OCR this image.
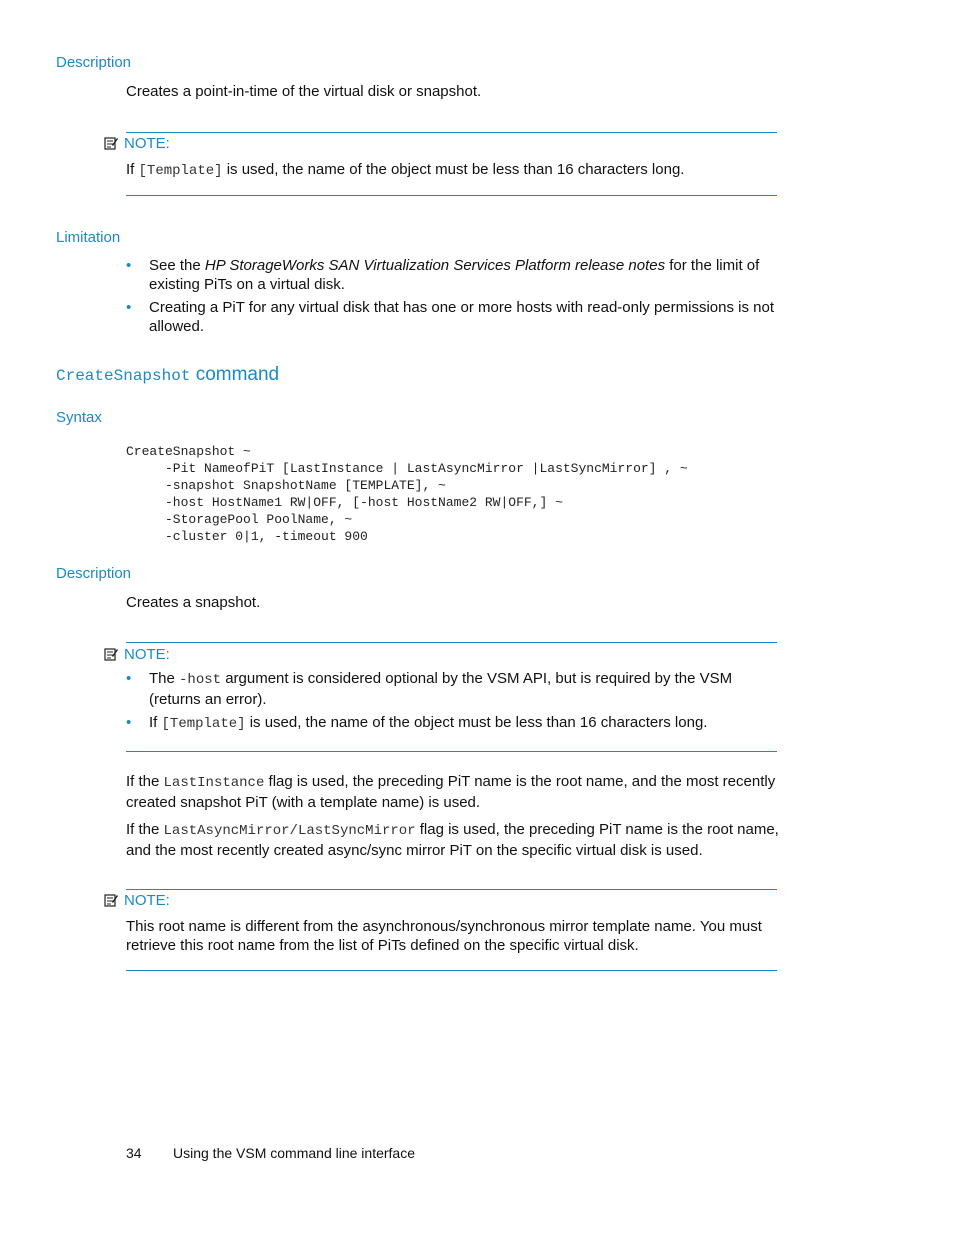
Description
Creates a point-in-time of the virtual disk or snapshot.
NOTE:
If [Template] is used, the name of the object must be less than 16 characters long.
Limitation
• See the HP StorageWorks SAN Virtualization Services Platform release notes for the limit of existing PiTs on a virtual disk.
• Creating a PiT for any virtual disk that has one or more hosts with read-only permissions is not allowed.
CreateSnapshot command
Syntax
CreateSnapshot ~
-Pit NameofPiT [LastInstance | LastAsyncMirror |LastSyncMirror] , ~
-snapshot SnapshotName [TEMPLATE], ~
-host HostName1 RW|OFF, [-host HostName2 RW|OFF,] ~
-StoragePool PoolName, ~
-cluster 0|1, -timeout 900
Description
Creates a snapshot.
NOTE:
• The -host argument is considered optional by the VSM API, but is required by the VSM (returns an error).
• If [Template] is used, the name of the object must be less than 16 characters long.
If the LastInstance flag is used, the preceding PiT name is the root name, and the most recently created snapshot PiT (with a template name) is used.
If the LastAsyncMirror/LastSyncMirror flag is used, the preceding PiT name is the root name, and the most recently created async/sync mirror PiT on the specific virtual disk is used.
NOTE:
This root name is different from the asynchronous/synchronous mirror template name. You must retrieve this root name from the list of PiTs defined on the specific virtual disk.
34 Using the VSM command line interface
